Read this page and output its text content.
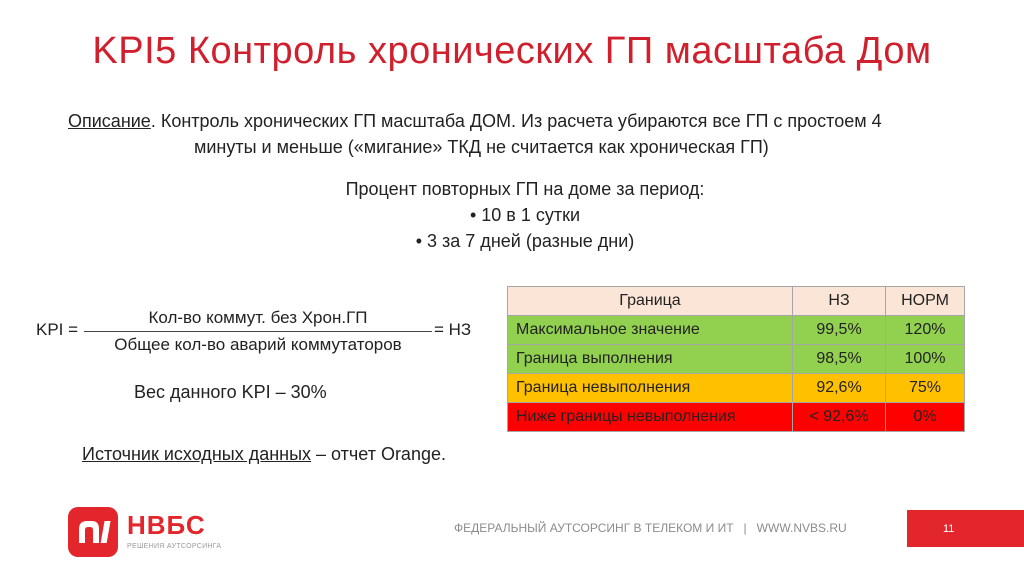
KPI5 Контроль хронических ГП масштаба Дом
Описание. Контроль хронических ГП масштаба ДОМ. Из расчета убираются все ГП с простоем 4
минуты и меньше («мигание» ТКД не считается как хроническая ГП)
Процент повторных ГП на доме за период:
• 10 в 1 сутки
• 3 за 7 дней (разные дни)
KPI =
Кол-во коммут. без Хрон.ГП
Общее кол-во аварий коммутаторов
= НЗ
Вес данного KPI – 30%
Источник исходных данных – отчет Orange.
Граница	НЗ	НОРМ
Максимальное значение	99,5%	120%
Граница выполнения	98,5%	100%
Граница невыполнения	92,6%	75%
Ниже границы невыполнения	< 92,6%	0%
НВБС
РЕШЕНИЯ АУТСОРСИНГА
ФЕДЕРАЛЬНЫЙ АУТСОРСИНГ В ТЕЛЕКОМ И ИТ | WWW.NVBS.RU	11
